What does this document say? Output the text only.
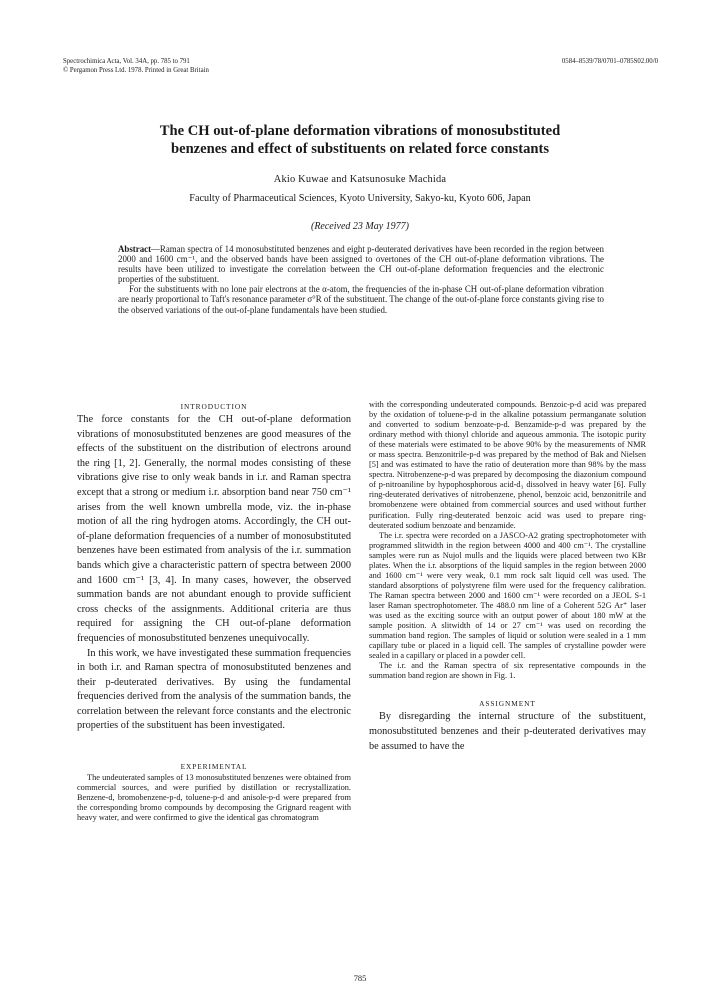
Spectrochimica Acta, Vol. 34A, pp. 785 to 791
© Pergamon Press Ltd. 1978. Printed in Great Britain
0584–8539/78/0701–0785S02.00/0
The CH out-of-plane deformation vibrations of monosubstituted
benzenes and effect of substituents on related force constants
Akio Kuwae and Katsunosuke Machida
Faculty of Pharmaceutical Sciences, Kyoto University, Sakyo-ku, Kyoto 606, Japan
(Received 23 May 1977)

Abstract—Raman spectra of 14 monosubstituted benzenes and eight p-deuterated derivatives have been recorded in the region between 2000 and 1600 cm⁻¹, and the observed bands have been assigned to overtones of the CH out-of-plane deformation vibrations. The results have been utilized to investigate the correlation between the CH out-of-plane deformation frequencies and the electronic properties of the substituent.

For the substituents with no lone pair electrons at the α-atom, the frequencies of the in-phase CH out-of-plane deformation vibration are nearly proportional to Taft's resonance parameter σ°R of the substituent. The change of the out-of-plane force constants giving rise to the observed variations of the out-of-plane fundamentals have been studied.

INTRODUCTION

The force constants for the CH out-of-plane deformation vibrations of monosubstituted benzenes are good measures of the effects of the substituent on the distribution of electrons around the ring [1, 2]. Generally, the normal modes consisting of these vibrations give rise to only weak bands in i.r. and Raman spectra except that a strong or medium i.r. absorption band near 750 cm⁻¹ arises from the well known umbrella mode, viz. the in-phase motion of all the ring hydrogen atoms. Accordingly, the CH out-of-plane deformation frequencies of a number of monosubstituted benzenes have been estimated from analysis of the i.r. summation bands which give a characteristic pattern of spectra between 2000 and 1600 cm⁻¹ [3, 4]. In many cases, however, the observed summation bands are not abundant enough to provide sufficient cross checks of the assignments. Additional criteria are thus required for assigning the CH out-of-plane deformation frequencies of monosubstituted benzenes unequivocally.

In this work, we have investigated these summation frequencies in both i.r. and Raman spectra of monosubstituted benzenes and their p-deuterated derivatives. By using the fundamental frequencies derived from the analysis of the summation bands, the correlation between the relevant force constants and the electronic properties of the substituent has been investigated.

EXPERIMENTAL

The undeuterated samples of 13 monosubstituted benzenes were obtained from commercial sources, and were purified by distillation or recrystallization. Benzene-d, bromobenzene-p-d, toluene-p-d and anisole-p-d were prepared from the corresponding bromo compounds by decomposing the Grignard reagent with heavy water, and were confirmed to give the identical gas chromatogram

with the corresponding undeuterated compounds. Benzoic-p-d acid was prepared by the oxidation of toluene-p-d in the alkaline potassium permanganate solution and converted to sodium benzoate-p-d. Benzamide-p-d was prepared by the ordinary method with thionyl chloride and aqueous ammonia. The isotopic purity of these materials were estimated to be above 90% by the measurements of NMR or mass spectra. Benzonitrile-p-d was prepared by the method of Bak and Nielsen [5] and was estimated to have the ratio of deuteration more than 98% by the mass spectra. Nitrobenzene-p-d was prepared by decomposing the diazonium compound of p-nitroaniline by hypophosphorous acid-d₃ dissolved in heavy water [6]. Fully ring-deuterated derivatives of nitrobenzene, phenol, benzoic acid, benzonitrile and bromobenzene were obtained from commercial sources and used without further purification. Fully ring-deuterated benzoic acid was used to prepare ring-deuterated sodium benzoate and benzamide.

The i.r. spectra were recorded on a JASCO-A2 grating spectrophotometer with programmed slitwidth in the region between 4000 and 400 cm⁻¹. The crystalline samples were run as Nujol mulls and the liquids were placed between two KBr plates. When the i.r. absorptions of the liquid samples in the region between 2000 and 1600 cm⁻¹ were very weak, 0.1 mm rock salt liquid cell was used. The standard absorptions of polystyrene film were used for the frequency calibration. The Raman spectra between 2000 and 1600 cm⁻¹ were recorded on a JEOL S-1 laser Raman spectrophotometer. The 488.0 nm line of a Coherent 52G Ar⁺ laser was used as the exciting source with an output power of about 180 mW at the sample position. A slitwidth of 14 or 27 cm⁻¹ was used on recording the summation band region. The samples of liquid or solution were sealed in a 1 mm capillary tube or placed in a liquid cell. The samples of crystalline powder were sealed in a capillary or placed in a powder cell.

The i.r. and the Raman spectra of six representative compounds in the summation band region are shown in Fig. 1.

ASSIGNMENT

By disregarding the internal structure of the substituent, monosubstituted benzenes and their p-deuterated derivatives may be assumed to have the

785
